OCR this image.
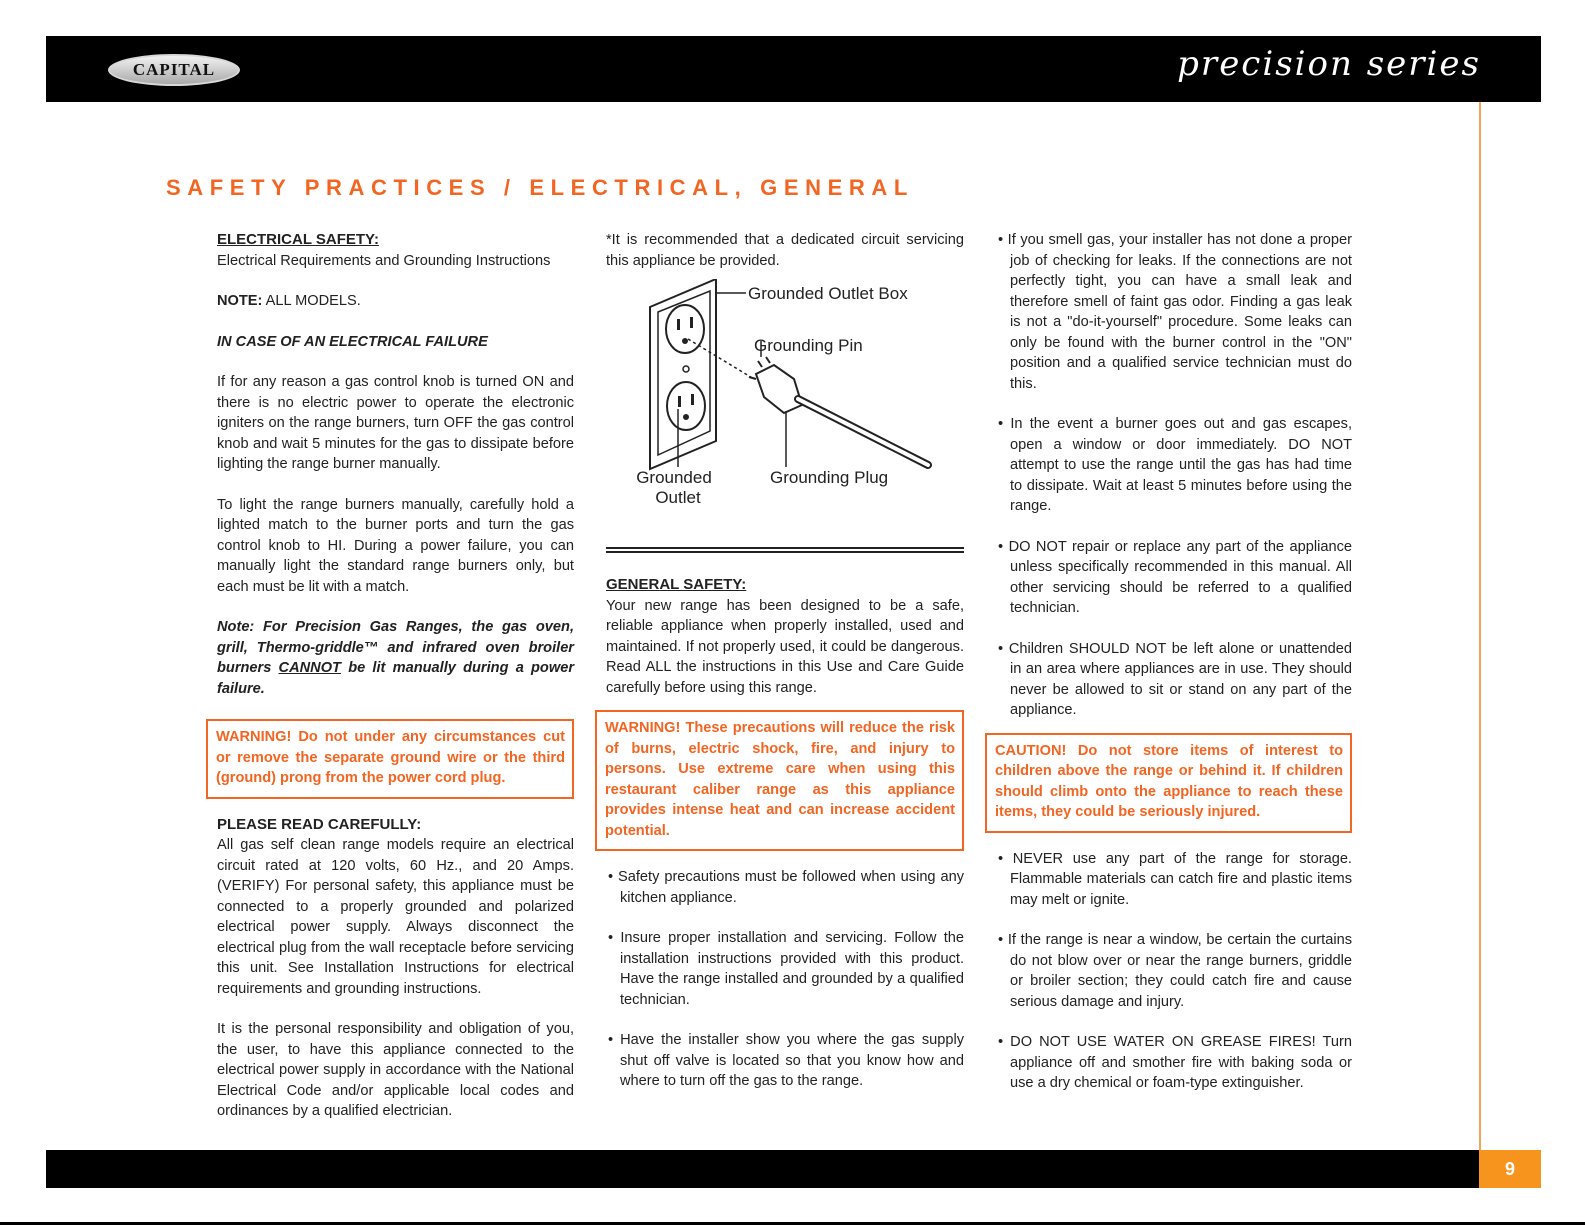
CAPITAL	precision series
SAFETY PRACTICES / ELECTRICAL, GENERAL
ELECTRICAL SAFETY:

Electrical Requirements and Grounding Instructions

NOTE: ALL MODELS.

IN CASE OF AN ELECTRICAL FAILURE

If for any reason a gas control knob is turned ON and there is no electric power to operate the electronic igniters on the range burners, turn OFF the gas control knob and wait 5 minutes for the gas to dissipate before lighting the range burner manually.

To light the range burners manually, carefully hold a lighted match to the burner ports and turn the gas control knob to HI. During a power failure, you can manually light the standard range burners only, but each must be lit with a match.

Note: For Precision Gas Ranges, the gas oven, grill, Thermo-griddle™ and infrared oven broiler burners CANNOT be lit manually during a power failure.

WARNING! Do not under any circumstances cut or remove the separate ground wire or the third (ground) prong from the power cord plug.
PLEASE READ CAREFULLY:

All gas self clean range models require an electrical circuit rated at 120 volts, 60 Hz., and 20 Amps. (VERIFY) For personal safety, this appliance must be connected to a properly grounded and polarized electrical power supply. Always disconnect the electrical plug from the wall receptacle before servicing this unit. See Installation Instructions for electrical requirements and grounding instructions.

It is the personal responsibility and obligation of you, the user, to have this appliance connected to the electrical power supply in accordance with the National Electrical Code and/or applicable local codes and ordinances by a qualified electrician.

*It is recommended that a dedicated circuit servicing this appliance be provided.

Grounded Outlet Box
Grounding Pin
Grounded
Outlet
Grounding Plug
GENERAL SAFETY:

Your new range has been designed to be a safe, reliable appliance when properly installed, used and maintained. If not properly used, it could be dangerous. Read ALL the instructions in this Use and Care Guide carefully before using this range.

WARNING! These precautions will reduce the risk of burns, electric shock, fire, and injury to persons. Use extreme care when using this restaurant caliber range as this appliance provides intense heat and can increase accident potential.

• Safety precautions must be followed when using any kitchen appliance.

• Insure proper installation and servicing. Follow the installation instructions provided with this product. Have the range installed and grounded by a qualified technician.

• Have the installer show you where the gas supply shut off valve is located so that you know how and where to turn off the gas to the range.

• If you smell gas, your installer has not done a proper job of checking for leaks. If the connections are not perfectly tight, you can have a small leak and therefore smell of faint gas odor. Finding a gas leak is not a "do-it-yourself" procedure. Some leaks can only be found with the burner control in the "ON" position and a qualified service technician must do this.

• In the event a burner goes out and gas escapes, open a window or door immediately. DO NOT attempt to use the range until the gas has had time to dissipate. Wait at least 5 minutes before using the range.

• DO NOT repair or replace any part of the appliance unless specifically recommended in this manual. All other servicing should be referred to a qualified technician.

• Children SHOULD NOT be left alone or unattended in an area where appliances are in use. They should never be allowed to sit or stand on any part of the appliance.

CAUTION! Do not store items of interest to children above the range or behind it. If children should climb onto the appliance to reach these items, they could be seriously injured.

• NEVER use any part of the range for storage. Flammable materials can catch fire and plastic items may melt or ignite.

• If the range is near a window, be certain the curtains do not blow over or near the range burners, griddle or broiler section; they could catch fire and cause serious damage and injury.

• DO NOT USE WATER ON GREASE FIRES! Turn appliance off and smother fire with baking soda or use a dry chemical or foam-type extinguisher.

9
